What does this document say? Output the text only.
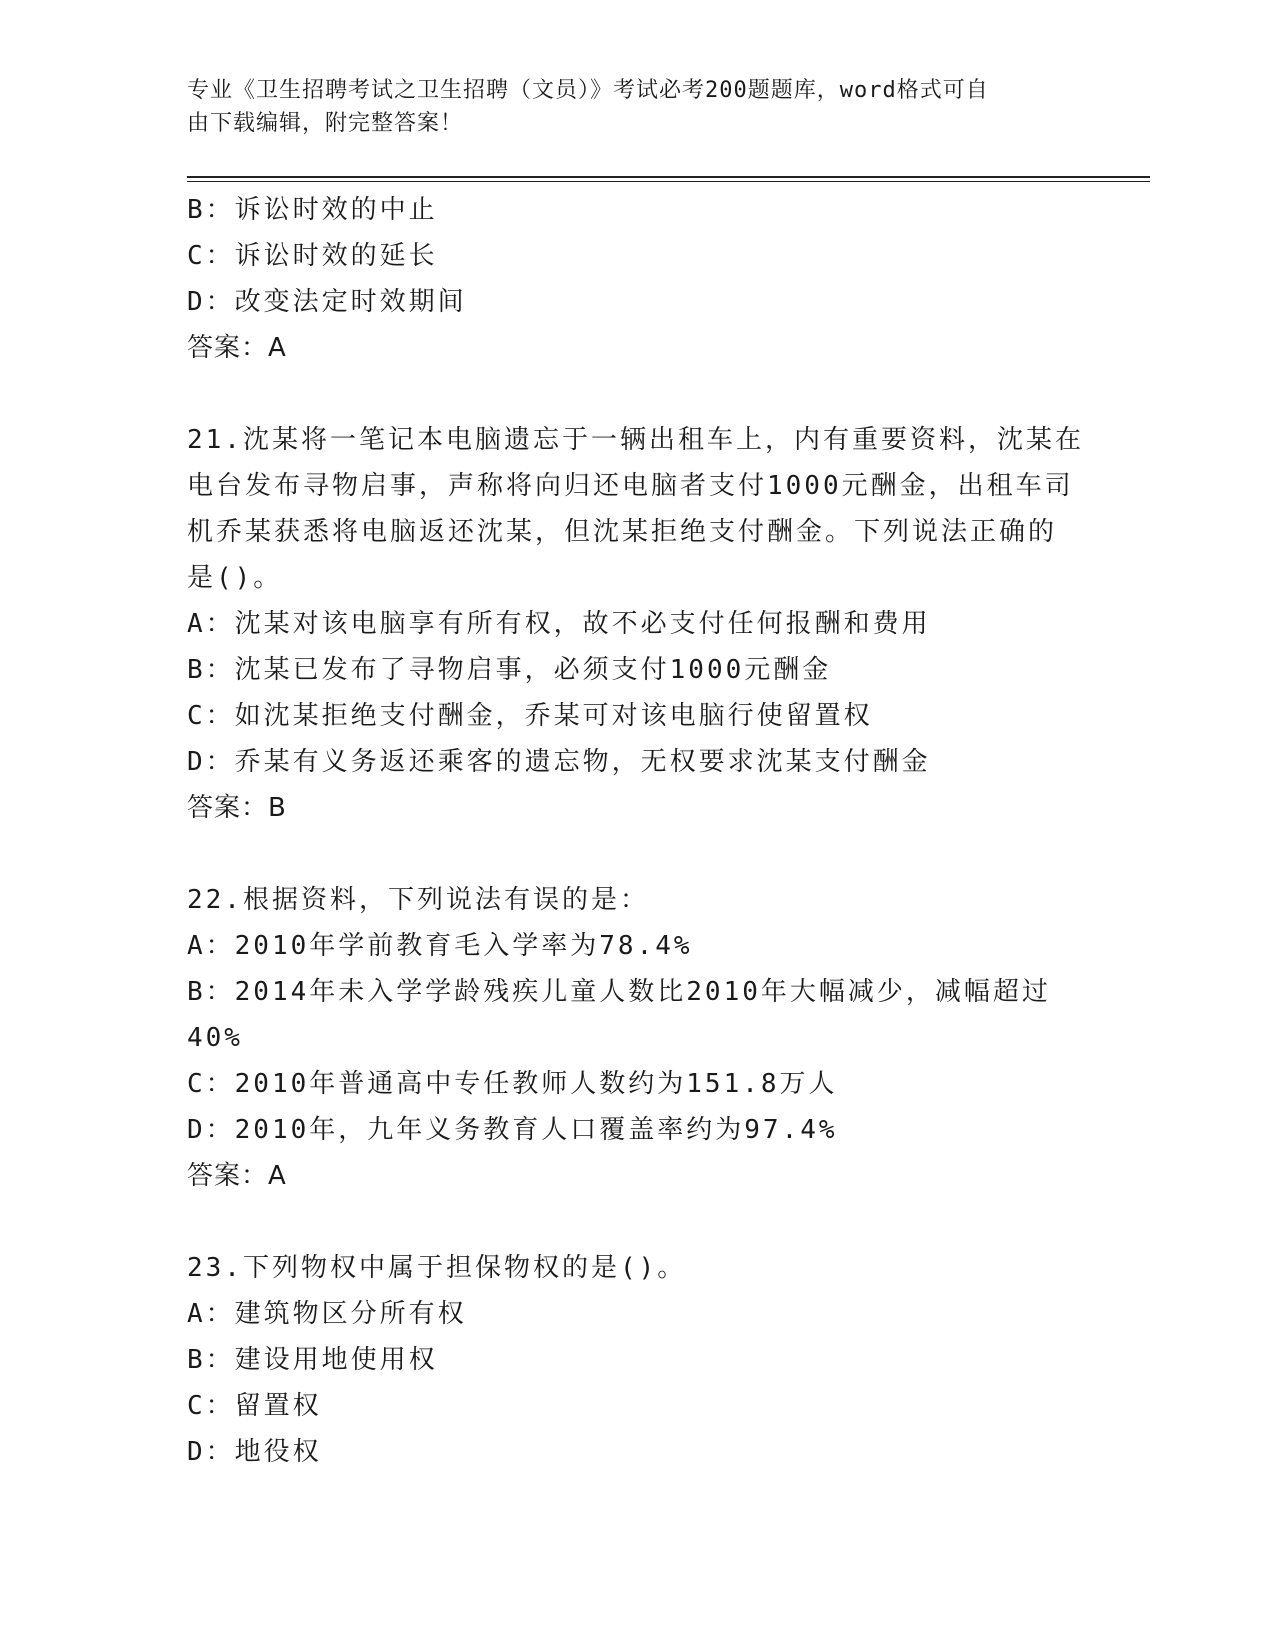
专业《卫生招聘考试之卫生招聘（文员）》考试必考200题题库，word格式可自
由下载编辑，附完整答案！
B：诉讼时效的中止
C：诉讼时效的延长
D：改变法定时效期间
答案：A
21.沈某将一笔记本电脑遗忘于一辆出租车上，内有重要资料，沈某在
电台发布寻物启事，声称将向归还电脑者支付1000元酬金，出租车司
机乔某获悉将电脑返还沈某，但沈某拒绝支付酬金。下列说法正确的
是()。
A：沈某对该电脑享有所有权，故不必支付任何报酬和费用
B：沈某已发布了寻物启事，必须支付1000元酬金
C：如沈某拒绝支付酬金，乔某可对该电脑行使留置权
D：乔某有义务返还乘客的遗忘物，无权要求沈某支付酬金
答案：B
22.根据资料，下列说法有误的是：
A：2010年学前教育毛入学率为78.4%
B：2014年未入学学龄残疾儿童人数比2010年大幅减少，减幅超过
40%
C：2010年普通高中专任教师人数约为151.8万人
D：2010年，九年义务教育人口覆盖率约为97.4%
答案：A
23.下列物权中属于担保物权的是()。
A：建筑物区分所有权
B：建设用地使用权
C：留置权
D：地役权
